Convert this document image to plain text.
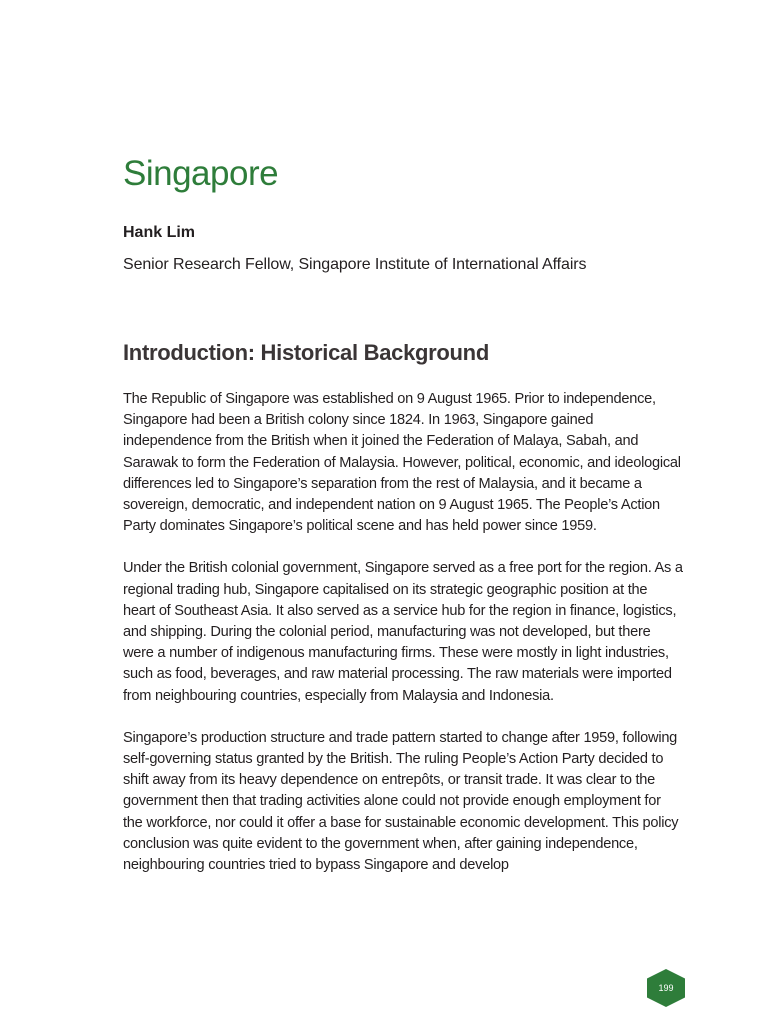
Singapore
Hank Lim
Senior Research Fellow, Singapore Institute of International Affairs
Introduction: Historical Background

The Republic of Singapore was established on 9 August 1965. Prior to independence, Singapore had been a British colony since 1824. In 1963, Singapore gained independence from the British when it joined the Federation of Malaya, Sabah, and Sarawak to form the Federation of Malaysia. However, political, economic, and ideological differences led to Singapore’s separation from the rest of Malaysia, and it became a sovereign, democratic, and independent nation on 9 August 1965. The People’s Action Party dominates Singapore’s political scene and has held power since 1959.

Under the British colonial government, Singapore served as a free port for the region. As a regional trading hub, Singapore capitalised on its strategic geographic position at the heart of Southeast Asia. It also served as a service hub for the region in finance, logistics, and shipping. During the colonial period, manufacturing was not developed, but there were a number of indigenous manufacturing firms. These were mostly in light industries, such as food, beverages, and raw material processing. The raw materials were imported from neighbouring countries, especially from Malaysia and Indonesia.

Singapore’s production structure and trade pattern started to change after 1959, following self-governing status granted by the British. The ruling People’s Action Party decided to shift away from its heavy dependence on entrepôts, or transit trade. It was clear to the government then that trading activities alone could not provide enough employment for the workforce, nor could it offer a base for sustainable economic development. This policy conclusion was quite evident to the government when, after gaining independence, neighbouring countries tried to bypass Singapore and develop

199
